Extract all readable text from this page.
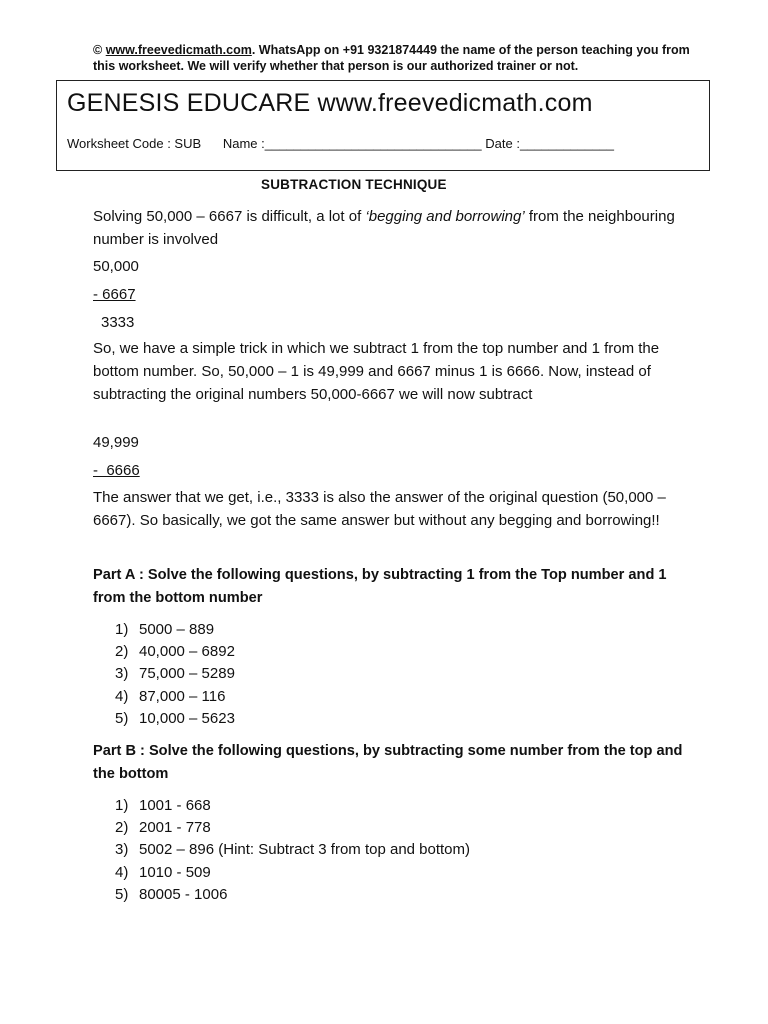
© www.freevedicmath.com. WhatsApp on +91 9321874449 the name of the person teaching you from this worksheet. We will verify whether that person is our authorized trainer or not.
GENESIS EDUCARE www.freevedicmath.com
Worksheet Code : SUB Name :______________________________ Date :_____________
SUBTRACTION TECHNIQUE
Solving 50,000 – 6667 is difficult, a lot of ‘begging and borrowing’ from the neighbouring number is involved
50,000
- 6667
3333
So, we have a simple trick in which we subtract 1 from the top number and 1 from the bottom number. So, 50,000 – 1 is 49,999 and 6667 minus 1 is 6666. Now, instead of subtracting the original numbers 50,000-6667 we will now subtract
49,999
-  6666
The answer that we get, i.e., 3333 is also the answer of the original question (50,000 – 6667). So basically, we got the same answer but without any begging and borrowing!!
Part A : Solve the following questions, by subtracting 1 from the Top number and 1 from the bottom number
1) 5000 – 889
2) 40,000 – 6892
3) 75,000 – 5289
4) 87,000 – 116
5) 10,000 – 5623
Part B : Solve the following questions, by subtracting some number from the top and the bottom
1) 1001 - 668
2) 2001 - 778
3) 5002 – 896 (Hint: Subtract 3 from top and bottom)
4) 1010 - 509
5) 80005 - 1006
